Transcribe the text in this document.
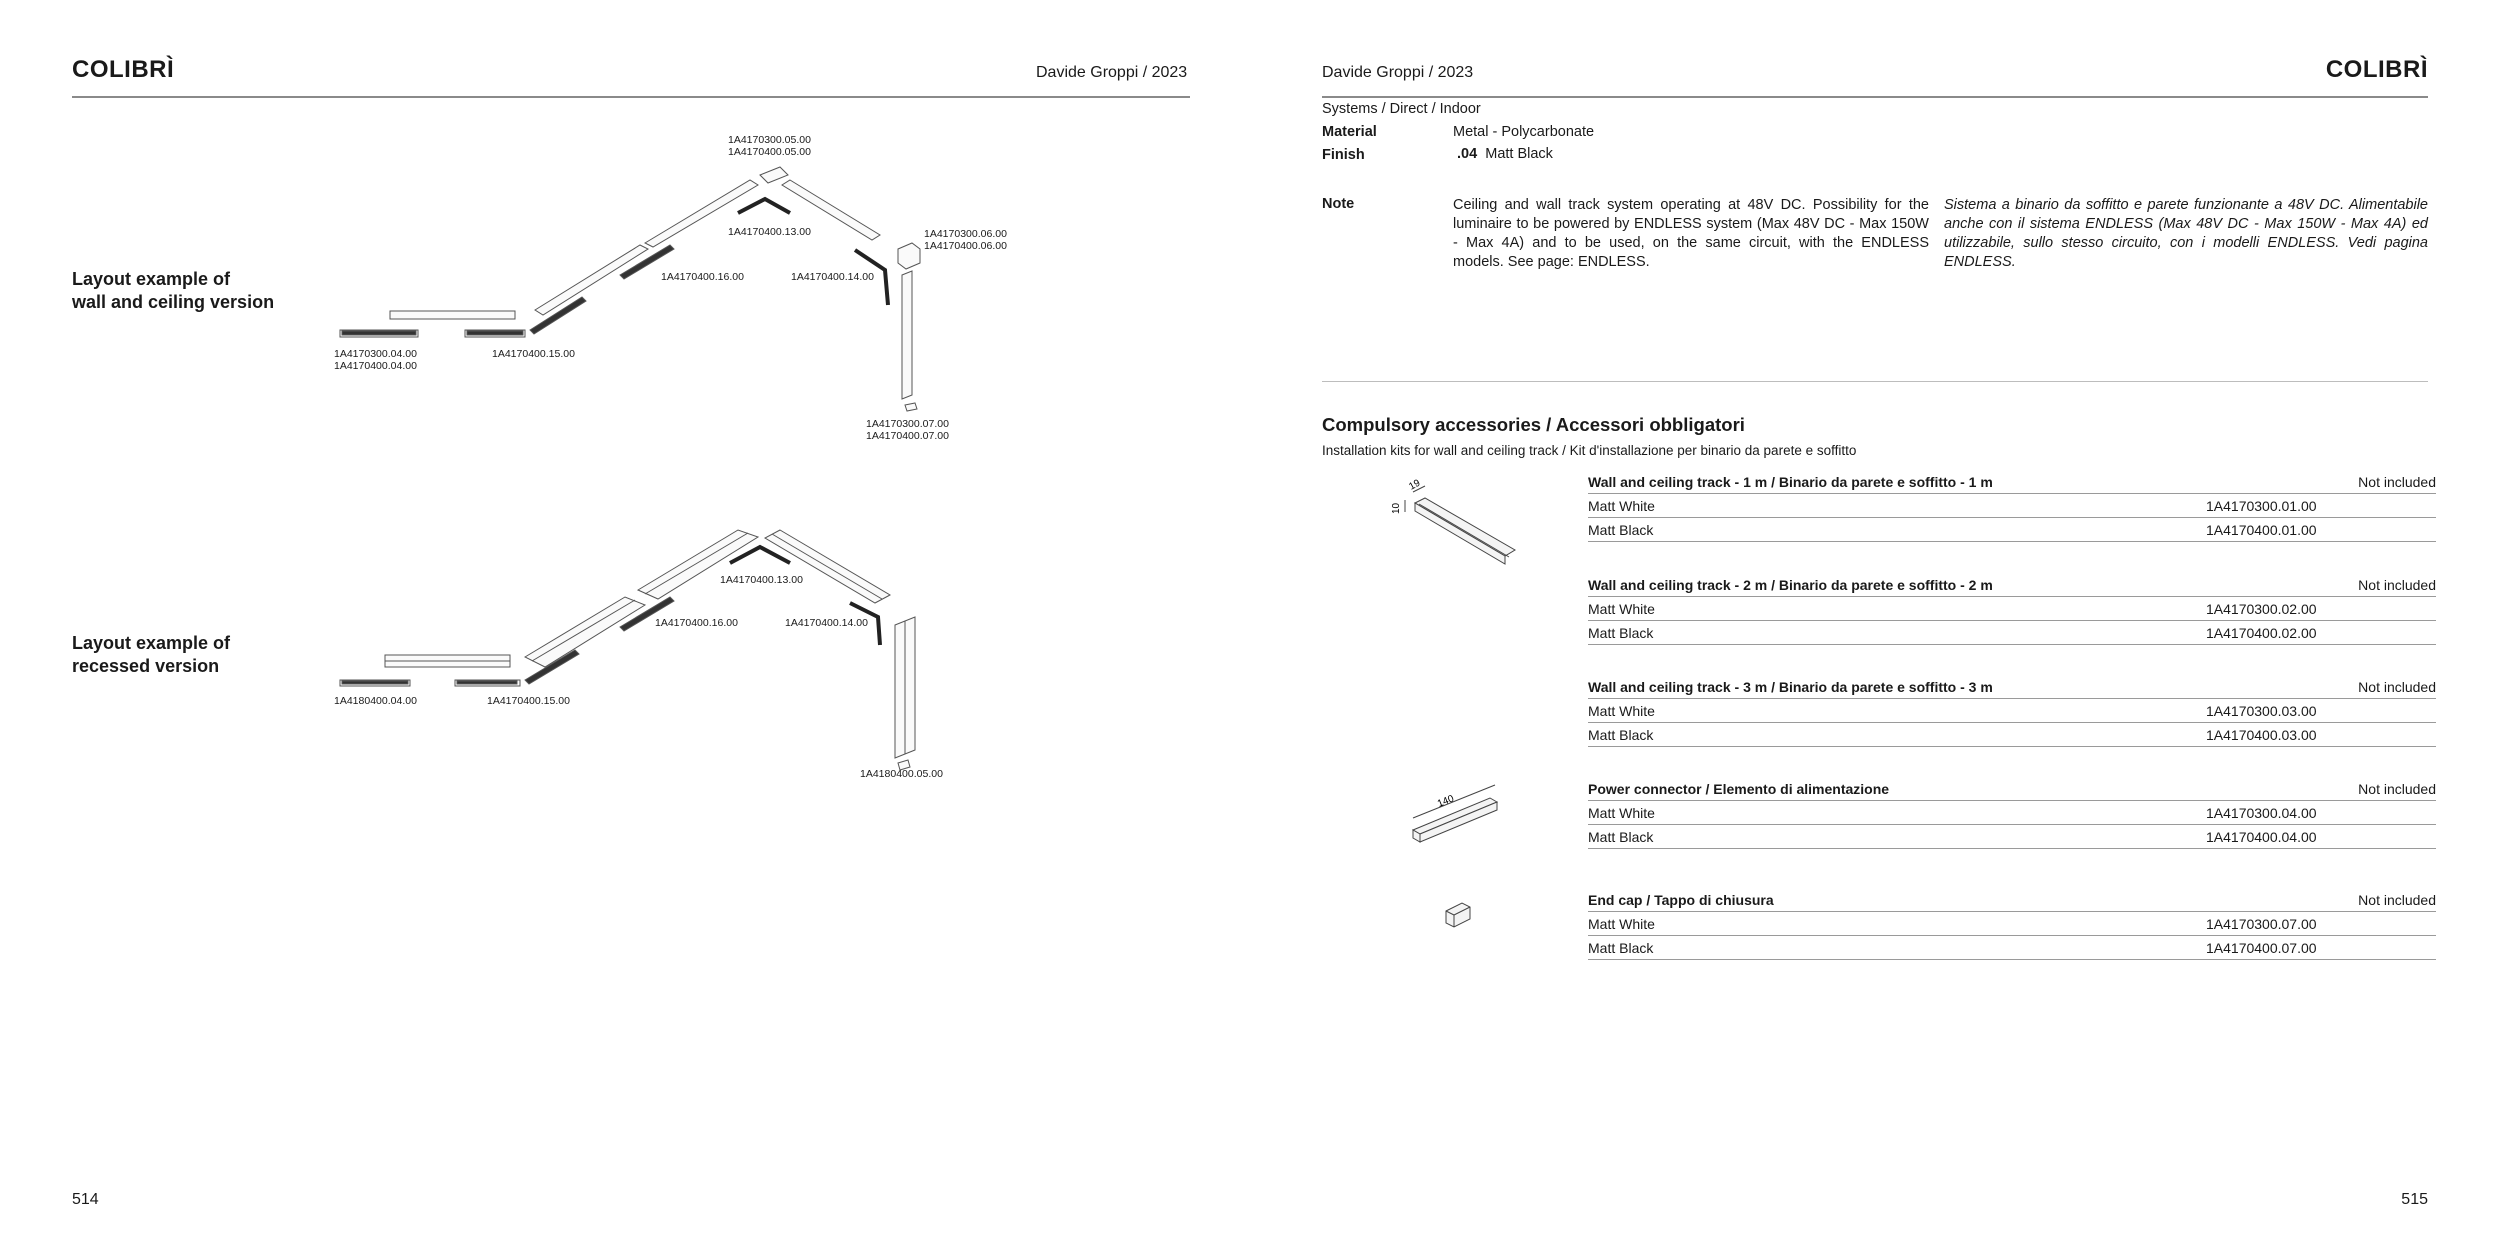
COLIBRÌ	Davide Groppi / 2023
Layout example of
wall and ceiling version
1A4170300.05.00
1A4170400.05.00
1A4170400.13.00	1A4170300.06.00
1A4170400.06.00
1A4170400.16.00	1A4170400.14.00
1A4170300.04.00
1A4170400.04.00
1A4170400.15.00
1A4170300.07.00
1A4170400.07.00
Layout example of
recessed version
1A4170400.13.00
1A4170400.16.00	1A4170400.14.00
1A4180400.04.00	1A4170400.15.00
1A4180400.05.00
514
Davide Groppi / 2023	COLIBRÌ
Systems / Direct / Indoor
Material	Metal - Polycarbonate
Finish	.04 Matt Black
Note	Ceiling and wall track system operating at 48V DC. Possibility for the luminaire to be powered by ENDLESS system (Max 48V DC - Max 150W - Max 4A) and to be used, on the same circuit, with the ENDLESS models. See page: ENDLESS.
Sistema a binario da soffitto e parete funzionante a 48V DC. Alimentabile anche con il sistema ENDLESS (Max 48V DC - Max 150W - Max 4A) ed utilizzabile, sullo stesso circuito, con i modelli ENDLESS. Vedi pagina ENDLESS.
Compulsory accessories / Accessori obbligatori
Installation kits for wall and ceiling track / Kit d'installazione per binario da parete e soffitto
19
10
140
Wall and ceiling track - 1 m / Binario da parete e soffitto - 1 m	Not included
Matt White	1A4170300.01.00
Matt Black	1A4170400.01.00
Wall and ceiling track - 2 m / Binario da parete e soffitto - 2 m	Not included
Matt White	1A4170300.02.00
Matt Black	1A4170400.02.00
Wall and ceiling track - 3 m / Binario da parete e soffitto - 3 m	Not included
Matt White	1A4170300.03.00
Matt Black	1A4170400.03.00
Power connector / Elemento di alimentazione	Not included
Matt White	1A4170300.04.00
Matt Black	1A4170400.04.00
End cap / Tappo di chiusura	Not included
Matt White	1A4170300.07.00
Matt Black	1A4170400.07.00
515
